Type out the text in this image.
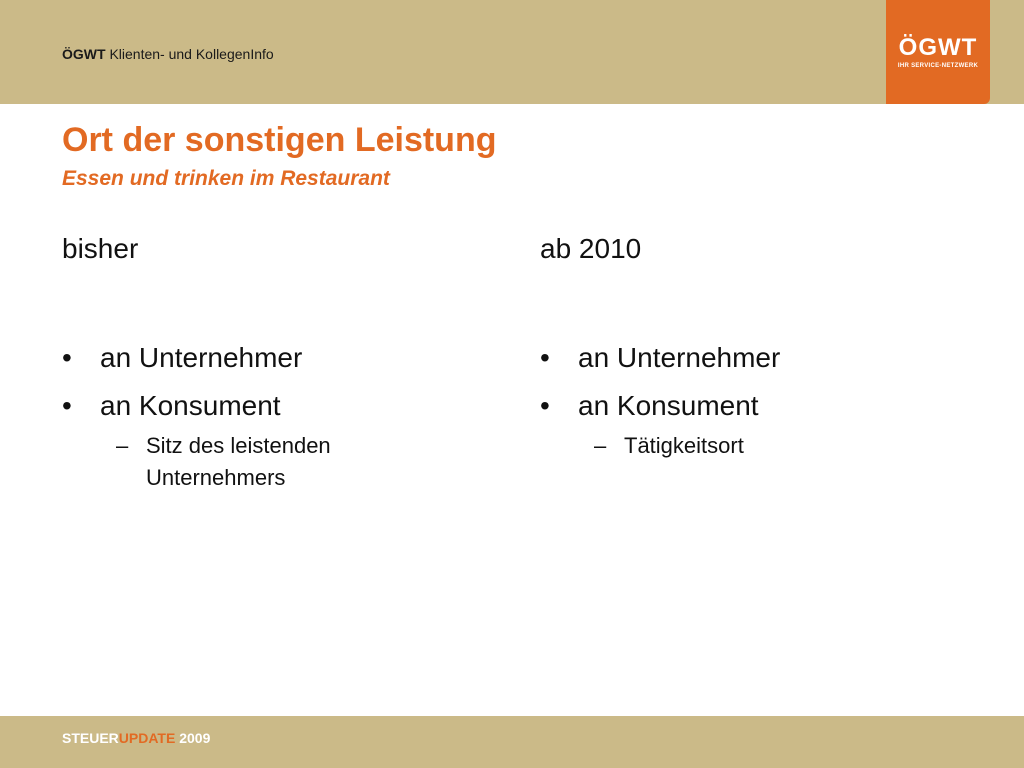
ÖGWT Klienten- und KollegenInfo	ÖGWT
IHR SERVICE-NETZWERK
Ort der sonstigen Leistung
Essen und trinken im Restaurant

bisher

• an Unternehmer
• an Konsument
– Sitz des leistenden Unternehmers

ab 2010

• an Unternehmer
• an Konsument
– Tätigkeitsort
STEUERUPDATE 2009
